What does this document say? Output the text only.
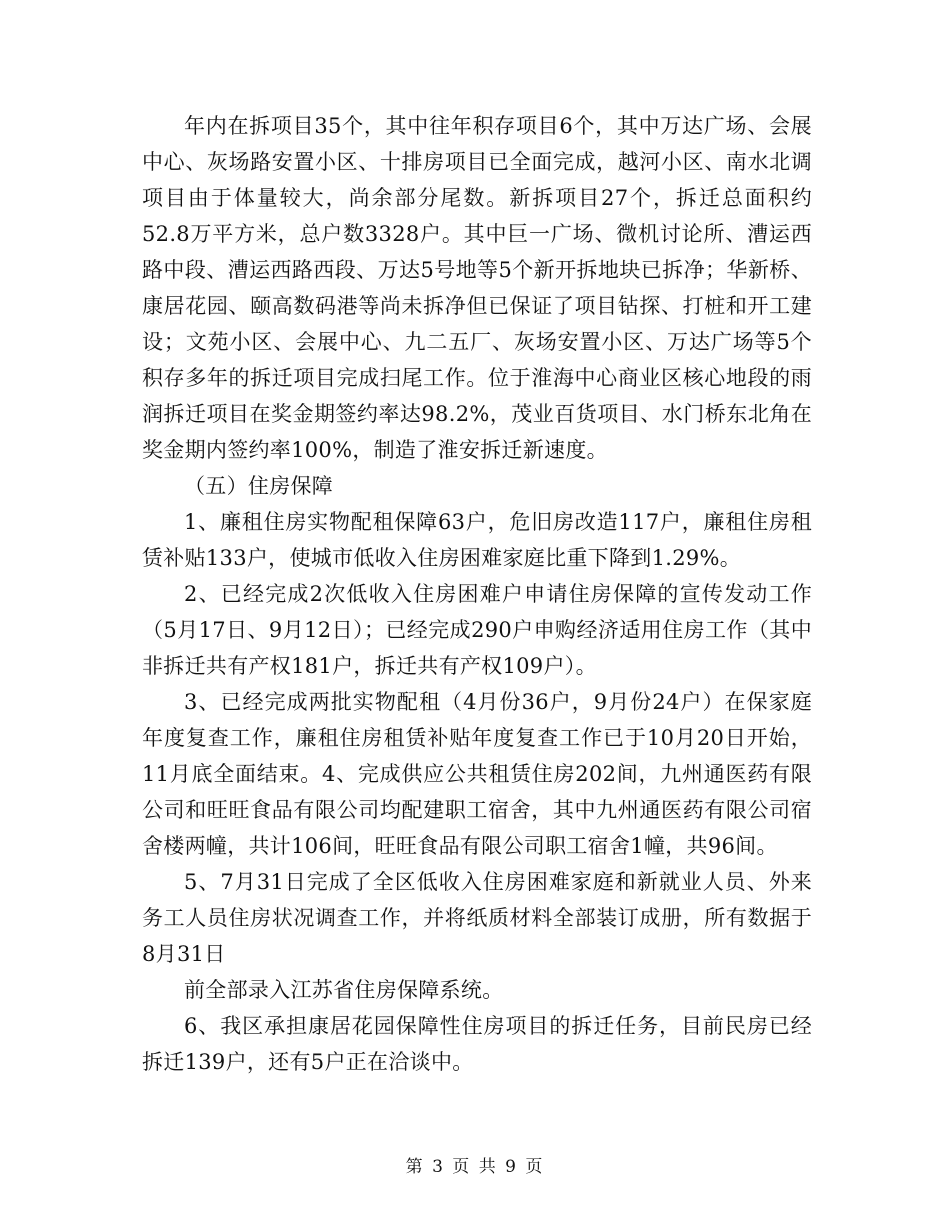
年内在拆项目35个，其中往年积存项目6个，其中万达广场、会展中心、灰场路安置小区、十排房项目已全面完成，越河小区、南水北调项目由于体量较大，尚余部分尾数。新拆项目27个，拆迁总面积约52.8万平方米，总户数3328户。其中巨一广场、微机讨论所、漕运西路中段、漕运西路西段、万达5号地等5个新开拆地块已拆净；华新桥、康居花园、颐高数码港等尚未拆净但已保证了项目钻探、打桩和开工建设；文苑小区、会展中心、九二五厂、灰场安置小区、万达广场等5个积存多年的拆迁项目完成扫尾工作。位于淮海中心商业区核心地段的雨润拆迁项目在奖金期签约率达98.2%，茂业百货项目、水门桥东北角在奖金期内签约率100%，制造了淮安拆迁新速度。

（五）住房保障

1、廉租住房实物配租保障63户，危旧房改造117户，廉租住房租赁补贴133户，使城市低收入住房困难家庭比重下降到1.29%。

2、已经完成2次低收入住房困难户申请住房保障的宣传发动工作（5月17日、9月12日）；已经完成290户申购经济适用住房工作（其中非拆迁共有产权181户，拆迁共有产权109户）。

3、已经完成两批实物配租（4月份36户，9月份24户）在保家庭年度复查工作，廉租住房租赁补贴年度复查工作已于10月20日开始，11月底全面结束。4、完成供应公共租赁住房202间，九州通医药有限公司和旺旺食品有限公司均配建职工宿舍，其中九州通医药有限公司宿舍楼两幢，共计106间，旺旺食品有限公司职工宿舍1幢，共96间。

5、7月31日完成了全区低收入住房困难家庭和新就业人员、外来务工人员住房状况调查工作，并将纸质材料全部装订成册，所有数据于8月31日

前全部录入江苏省住房保障系统。

6、我区承担康居花园保障性住房项目的拆迁任务，目前民房已经拆迁139户，还有5户正在洽谈中。

第 3 页 共 9 页
